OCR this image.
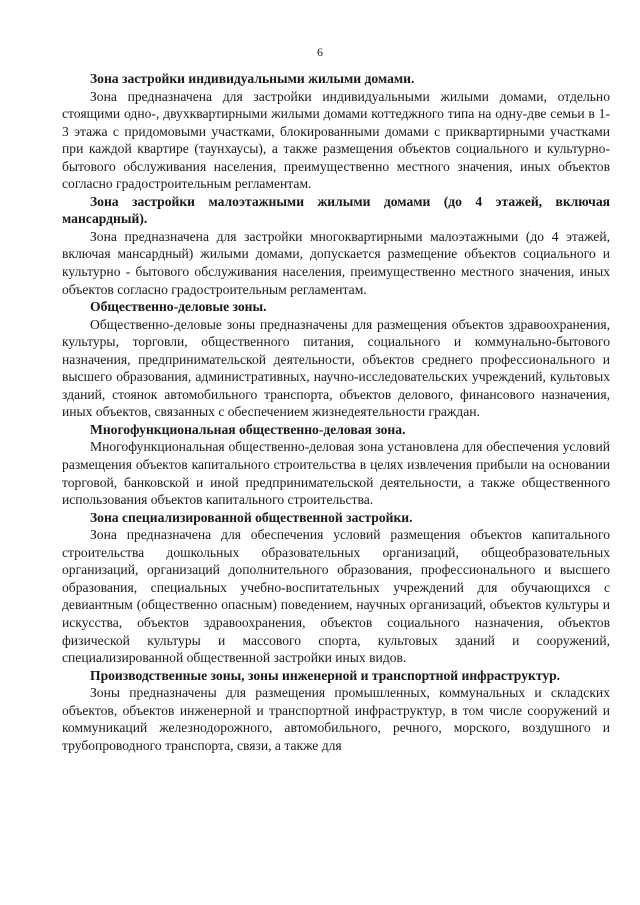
6
Зона застройки индивидуальными жилыми домами.

Зона предназначена для застройки индивидуальными жилыми домами, отдельно стоящими одно-, двухквартирными жилыми домами коттеджного типа на одну-две семьи в 1-3 этажа с придомовыми участками, блокированными домами с приквартирными участками при каждой квартире (таунхаусы), а также размещения объектов социального и культурно-бытового обслуживания населения, преимущественно местного значения, иных объектов согласно градостроительным регламентам.

Зона застройки малоэтажными жилыми домами (до 4 этажей, включая мансардный).

Зона предназначена для застройки многоквартирными малоэтажными (до 4 этажей, включая мансардный) жилыми домами, допускается размещение объектов социального и культурно - бытового обслуживания населения, преимущественно местного значения, иных объектов согласно градостроительным регламентам.

Общественно-деловые зоны.

Общественно-деловые зоны предназначены для размещения объектов здравоохранения, культуры, торговли, общественного питания, социального и коммунально-бытового назначения, предпринимательской деятельности, объектов среднего профессионального и высшего образования, административных, научно-исследовательских учреждений, культовых зданий, стоянок автомобильного транспорта, объектов делового, финансового назначения, иных объектов, связанных с обеспечением жизнедеятельности граждан.

Многофункциональная общественно-деловая зона.

Многофункциональная общественно-деловая зона установлена для обеспечения условий размещения объектов капитального строительства в целях извлечения прибыли на основании торговой, банковской и иной предпринимательской деятельности, а также общественного использования объектов капитального строительства.

Зона специализированной общественной застройки.

Зона предназначена для обеспечения условий размещения объектов капитального строительства дошкольных образовательных организаций, общеобразовательных организаций, организаций дополнительного образования, профессионального и высшего образования, специальных учебно-воспитательных учреждений для обучающихся с девиантным (общественно опасным) поведением, научных организаций, объектов культуры и искусства, объектов здравоохранения, объектов социального назначения, объектов физической культуры и массового спорта, культовых зданий и сооружений, специализированной общественной застройки иных видов.

Производственные зоны, зоны инженерной и транспортной инфраструктур.

Зоны предназначены для размещения промышленных, коммунальных и складских объектов, объектов инженерной и транспортной инфраструктур, в том числе сооружений и коммуникаций железнодорожного, автомобильного, речного, морского, воздушного и трубопроводного транспорта, связи, а также для
